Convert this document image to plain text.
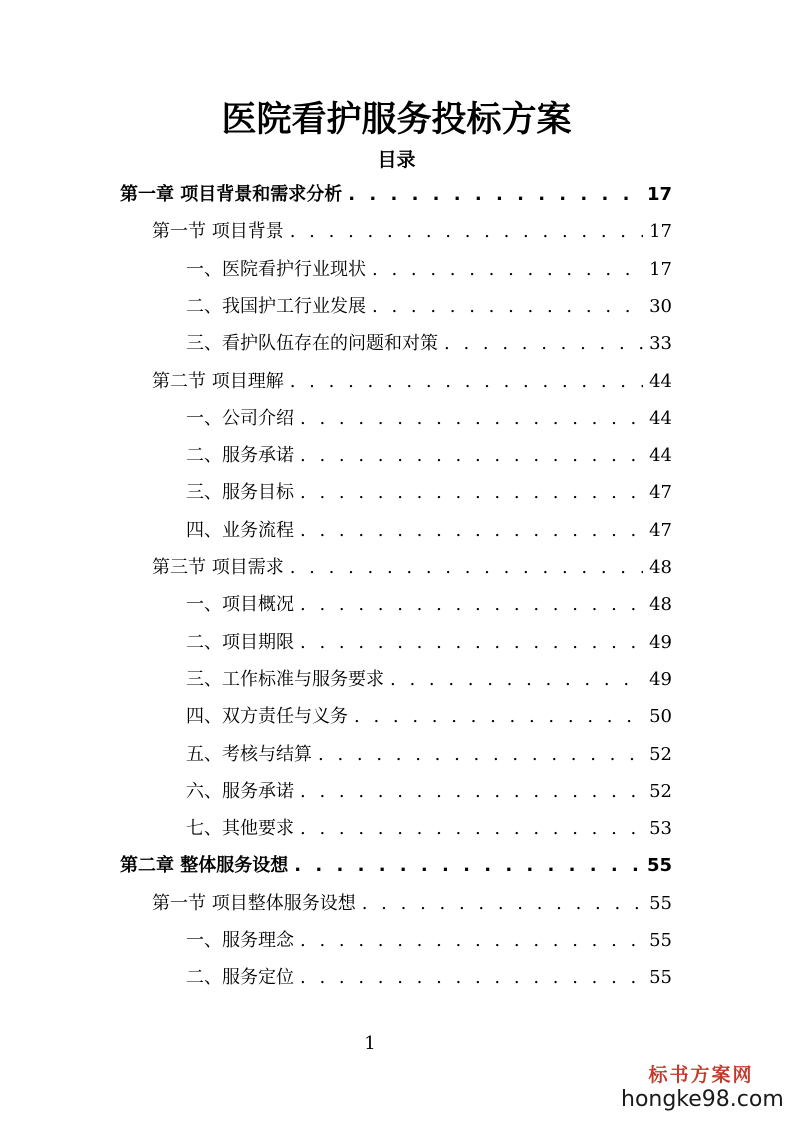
医院看护服务投标方案
目录
第一章 项目背景和需求分析 . . .	17
第一节 项目背景 . . .	17
一、医院看护行业现状 . . .	17
二、我国护工行业发展 . . .	30
三、看护队伍存在的问题和对策 . . .	33
第二节 项目理解 . . .	44
一、公司介绍 . . .	44
二、服务承诺 . . .	44
三、服务目标 . . .	47
四、业务流程 . . .	47
第三节 项目需求 . . .	48
一、项目概况 . . .	48
二、项目期限 . . .	49
三、工作标准与服务要求 . . .	49
四、双方责任与义务 . . .	50
五、考核与结算 . . .	52
六、服务承诺 . . .	52
七、其他要求 . . .	53
第二章 整体服务设想 . . .	55
第一节 项目整体服务设想 . . .	55
一、服务理念 . . .	55
二、服务定位 . . .	55
1
标书方案网
hongke98.com
